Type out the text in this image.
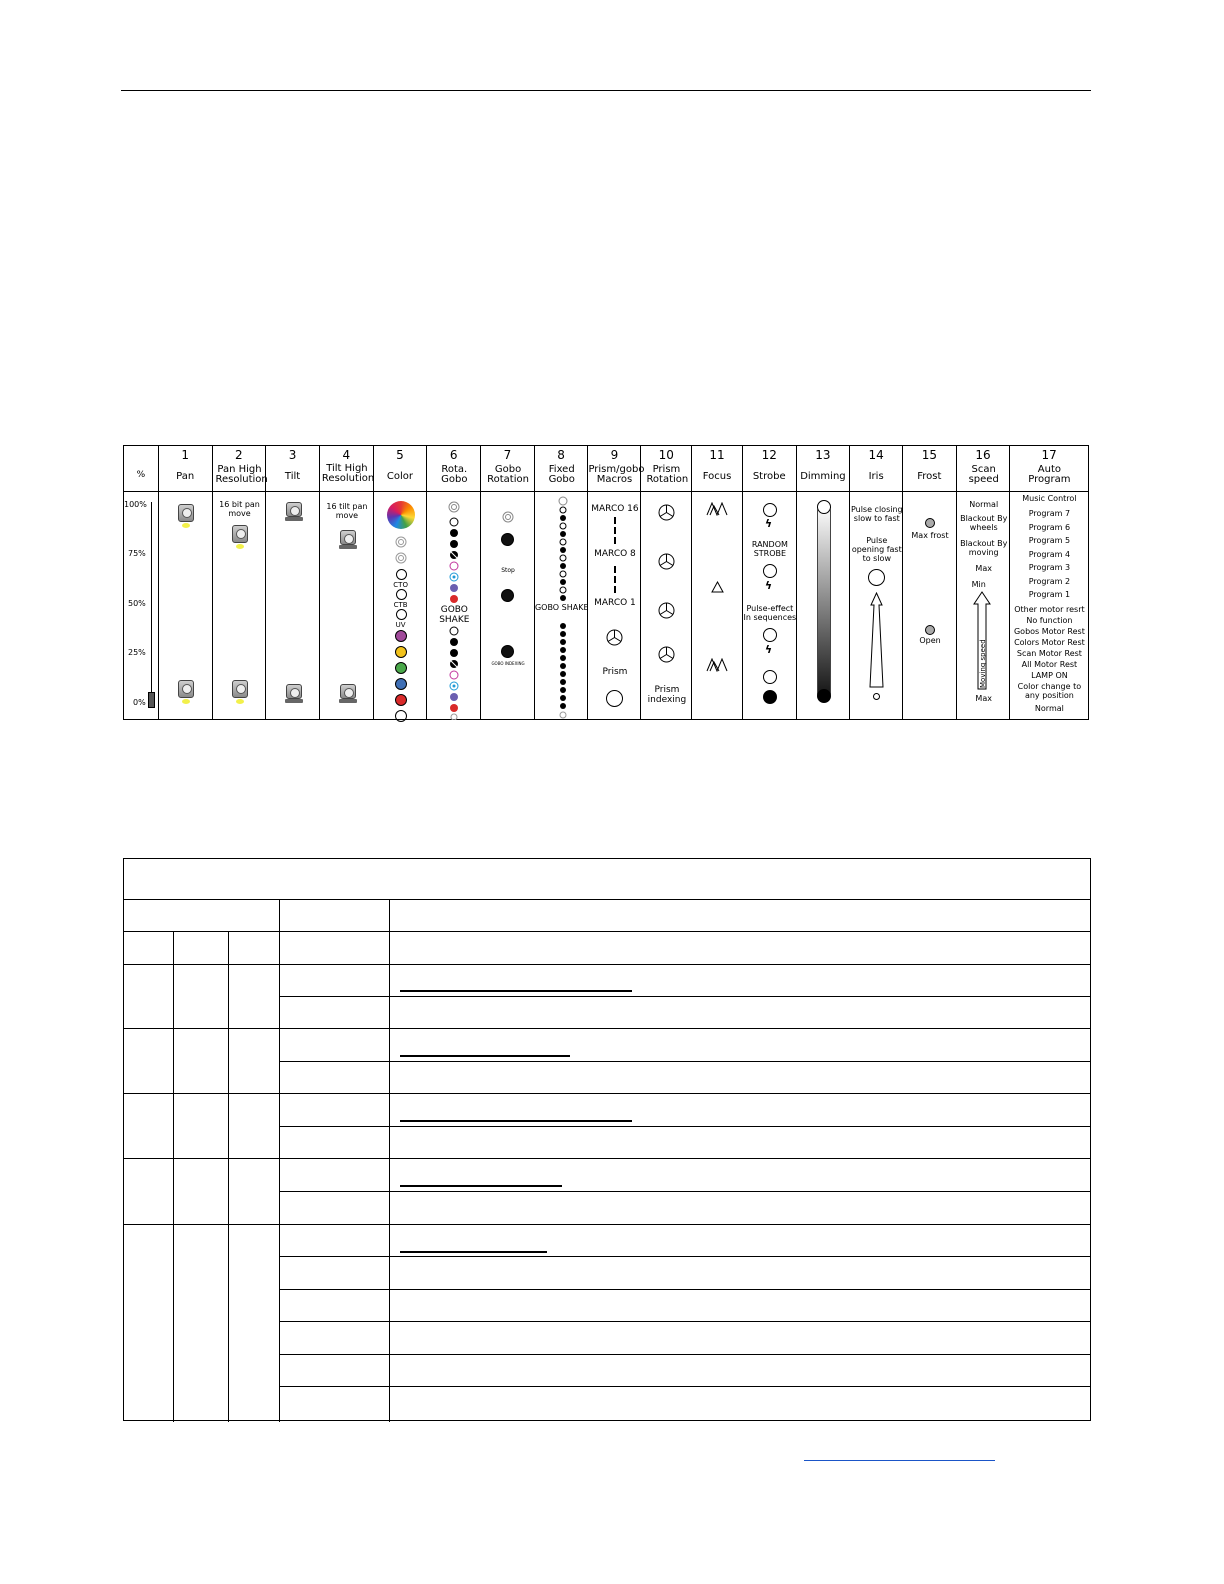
%
100%
75%
50%
25%
0%
1
Pan
2
Pan High Resolution
16 bit pan move
3
Tilt
4
Tilt High Resolution
16 tilt pan move
5
Color
CTO
CTB
UV
6
Rota. Gobo
GOBO SHAKE
7
Gobo Rotation
Stop
GOBO INDEXING
8
Fixed Gobo
GOBO SHAKE
9
Prism/gobo Macros
MARCO 16
MARCO 8
MARCO 1
Prism
10
Prism Rotation
Prism indexing
11
Focus
12
Strobe
ϟ
RANDOM STROBE
ϟ
Pulse-effect In sequences
ϟ
13
Dimming
14
Iris
Pulse closing slow to fast
Pulse opening fast to slow
15
Frost
Max frost
Open
16
Scan speed
Normal
Blackout By wheels
Blackout By moving
Max
Min
Moving speed
Max
17
Auto Program
Music Control
Program 7
Program 6
Program 5
Program 4
Program 3
Program 2
Program 1
Other motor resrt
No function
Gobos Motor Rest
Colors Motor Rest
Scan Motor Rest
All Motor Rest
LAMP ON
Color change to any position
Normal
